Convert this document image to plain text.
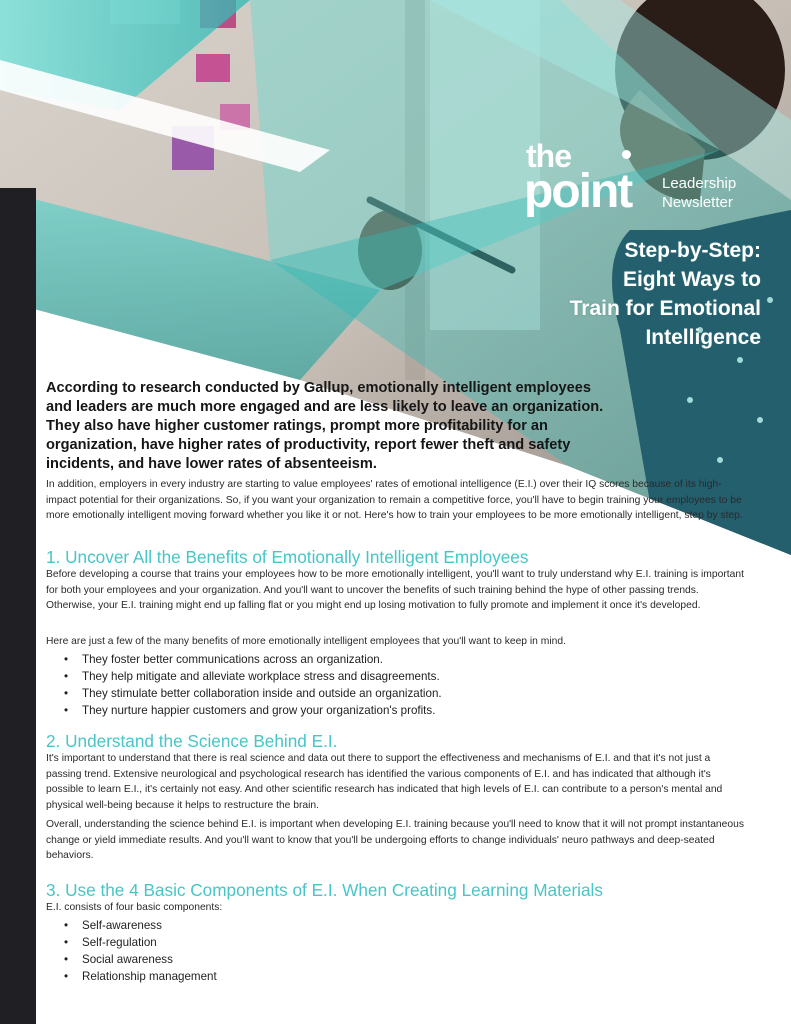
the
point Leadership
Newsletter
Step-by-Step:
Eight Ways to
Train for Emotional
Intelligence
According to research conducted by Gallup, emotionally intelligent employees and leaders are much more engaged and are less likely to leave an organization. They also have higher customer ratings, prompt more profitability for an organization, have higher rates of productivity, report fewer theft and safety incidents, and have lower rates of absenteeism.
In addition, employers in every industry are starting to value employees' rates of emotional intelligence (E.I.) over their IQ scores because of its high-impact potential for their organizations. So, if you want your organization to remain a competitive force, you'll have to begin training your employees to be more emotionally intelligent moving forward whether you like it or not. Here's how to train your employees to be more emotionally intelligent, step by step.
1. Uncover All the Benefits of Emotionally Intelligent Employees
Before developing a course that trains your employees how to be more emotionally intelligent, you'll want to truly understand why E.I. training is important for both your employees and your organization. And you'll want to uncover the benefits of such training behind the hype of other passing trends. Otherwise, your E.I. training might end up falling flat or you might end up losing motivation to fully promote and implement it once it's developed.
Here are just a few of the many benefits of more emotionally intelligent employees that you'll want to keep in mind.
• They foster better communications across an organization.
• They help mitigate and alleviate workplace stress and disagreements.
• They stimulate better collaboration inside and outside an organization.
• They nurture happier customers and grow your organization's profits.
2. Understand the Science Behind E.I.
It's important to understand that there is real science and data out there to support the effectiveness and mechanisms of E.I. and that it's not just a passing trend. Extensive neurological and psychological research has identified the various components of E.I. and has indicated that although it's possible to learn E.I., it's certainly not easy. And other scientific research has indicated that high levels of E.I. can contribute to a person's mental and physical well-being because it helps to restructure the brain.
Overall, understanding the science behind E.I. is important when developing E.I. training because you'll need to know that it will not prompt instantaneous change or yield immediate results. And you'll want to know that you'll be undergoing efforts to change individuals' neuro pathways and deep-seated behaviors.
3. Use the 4 Basic Components of E.I. When Creating Learning Materials
E.I. consists of four basic components:
• Self-awareness
• Self-regulation
• Social awareness
• Relationship management
